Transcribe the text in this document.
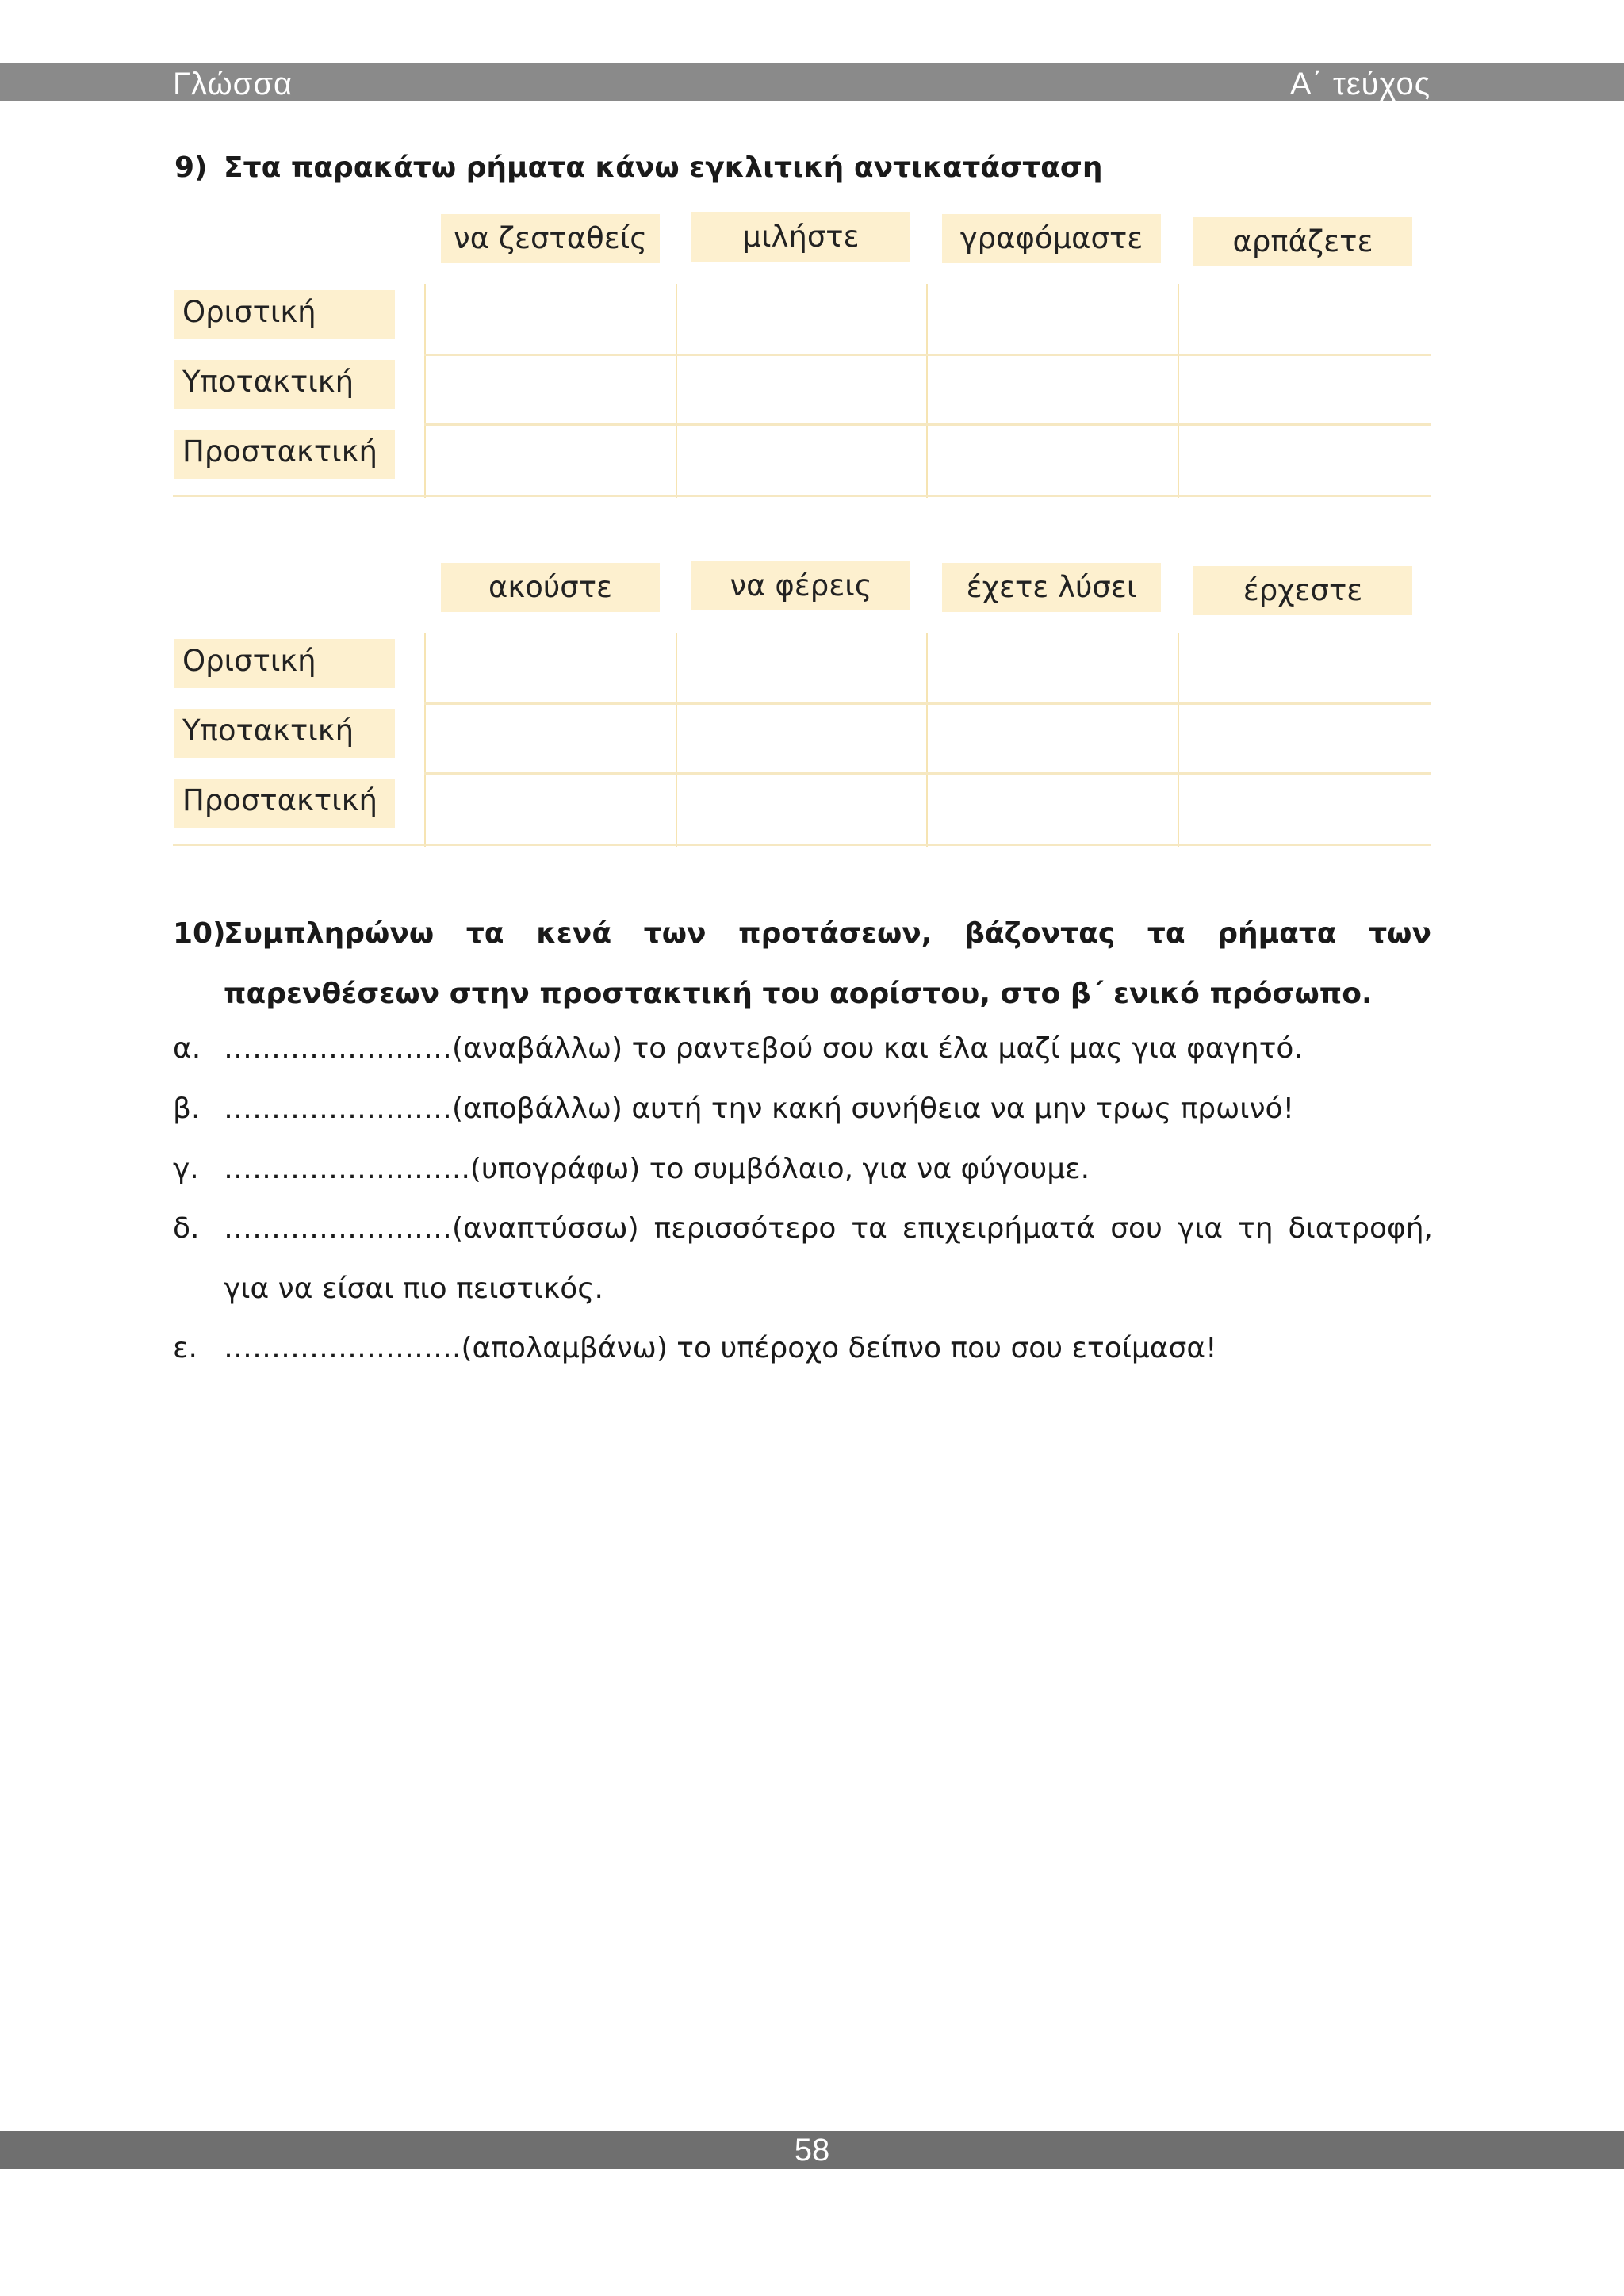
Γλώσσα	Α΄ τεύχος
9) Στα παρακάτω ρήματα κάνω εγκλιτική αντικατάσταση
να ζεσταθείς	μιλήστε	γραφόμαστε	αρπάζετε
Οριστική
Υποτακτική
Προστακτική
ακούστε	να φέρεις	έχετε λύσει	έρχεστε
Οριστική
Υποτακτική
Προστακτική
10)
Συμπληρώνω τα κενά των προτάσεων, βάζοντας τα ρήματα των παρενθέσεων στην προστακτική του αορίστου, στο β΄ ενικό πρόσωπο.
α. ……………………(αναβάλλω) το ραντεβού σου και έλα μαζί μας για φαγητό.
β. ……………………(αποβάλλω) αυτή την κακή συνήθεια να μην τρως πρωινό!
γ. ……………………..(υπογράφω) το συμβόλαιο, για να φύγουμε.
δ. ……………………(αναπτύσσω) περισσότερο τα επιχειρήματά σου για τη διατροφή, για να είσαι πιο πειστικός.
ε. …………………….(απολαμβάνω) το υπέροχο δείπνο που σου ετοίμασα!
58
